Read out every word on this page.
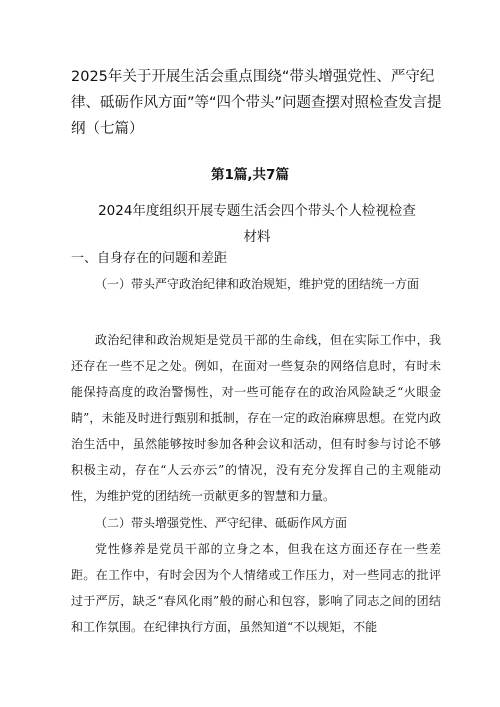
2025年关于开展生活会重点围绕“带头增强党性、严守纪律、砥砺作风方面”等“四个带头”问题查摆对照检查发言提纲（七篇）
第1篇,共7篇
2024年度组织开展专题生活会四个带头个人检视检查材料
一、自身存在的问题和差距

（一）带头严守政治纪律和政治规矩，维护党的团结统一方面

政治纪律和政治规矩是党员干部的生命线，但在实际工作中，我还存在一些不足之处。例如，在面对一些复杂的网络信息时，有时未能保持高度的政治警惕性，对一些可能存在的政治风险缺乏“火眼金睛”，未能及时进行甄别和抵制，存在一定的政治麻痹思想。在党内政治生活中，虽然能够按时参加各种会议和活动，但有时参与讨论不够积极主动，存在“人云亦云”的情况，没有充分发挥自己的主观能动性，为维护党的团结统一贡献更多的智慧和力量。

（二）带头增强党性、严守纪律、砥砺作风方面

党性修养是党员干部的立身之本，但我在这方面还存在一些差距。在工作中，有时会因为个人情绪或工作压力，对一些同志的批评过于严厉，缺乏“春风化雨”般的耐心和包容，影响了同志之间的团结和工作氛围。在纪律执行方面，虽然知道“不以规矩，不能
